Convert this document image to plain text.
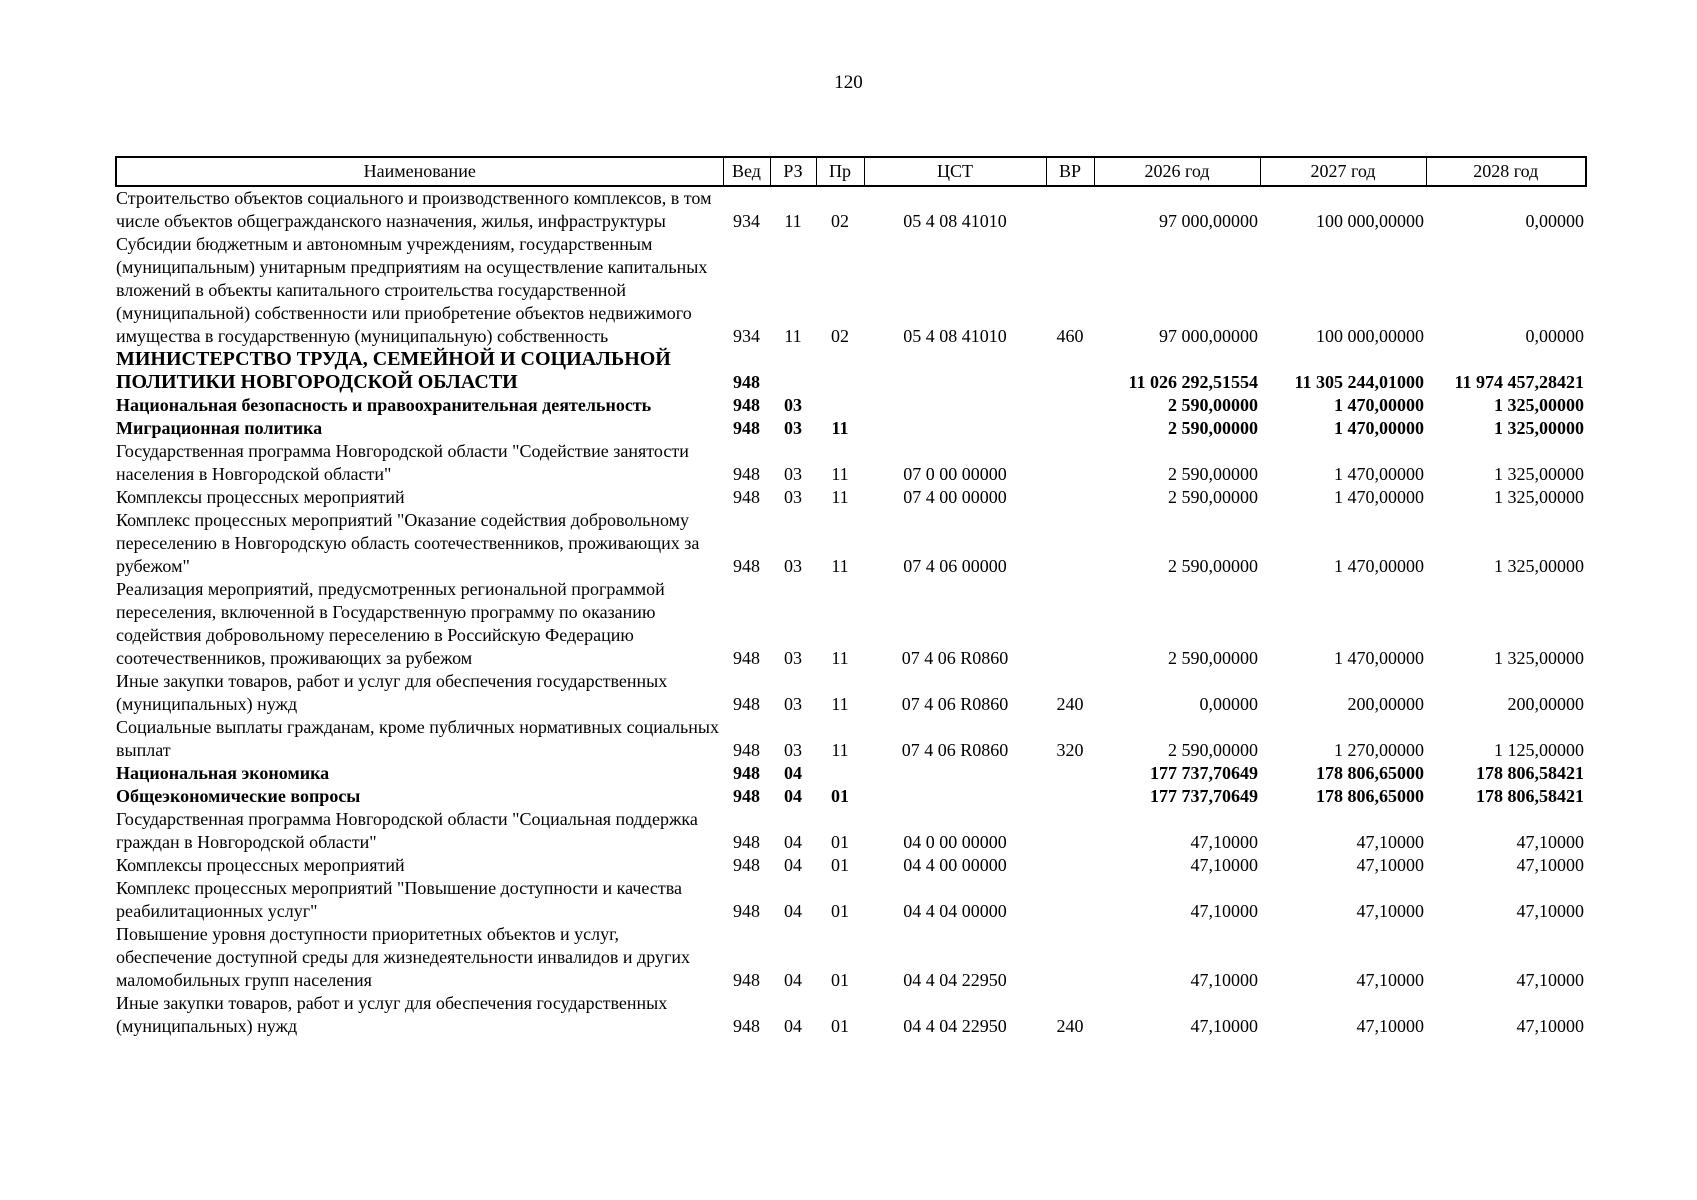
120
Наименование	Вед	РЗ	Пр	ЦСТ	ВР	2026 год	2027 год	2028 год
Строительство объектов социального и производственного комплексов, в том числе объектов общегражданского назначения, жилья, инфраструктуры	934	11	02	05 4 08 41010		97 000,00000	100 000,00000	0,00000
Субсидии бюджетным и автономным учреждениям, государственным (муниципальным) унитарным предприятиям на осуществление капитальных вложений в объекты капитального строительства государственной (муниципальной) собственности или приобретение объектов недвижимого имущества в государственную (муниципальную) собственность	934	11	02	05 4 08 41010	460	97 000,00000	100 000,00000	0,00000
МИНИСТЕРСТВО ТРУДА, СЕМЕЙНОЙ И СОЦИАЛЬНОЙ ПОЛИТИКИ НОВГОРОДСКОЙ ОБЛАСТИ	948					11 026 292,51554	11 305 244,01000	11 974 457,28421
Национальная безопасность и правоохранительная деятельность	948	03				2 590,00000	1 470,00000	1 325,00000
Миграционная политика	948	03	11			2 590,00000	1 470,00000	1 325,00000
Государственная программа Новгородской области "Содействие занятости населения в Новгородской области"	948	03	11	07 0 00 00000		2 590,00000	1 470,00000	1 325,00000
Комплексы процессных мероприятий	948	03	11	07 4 00 00000		2 590,00000	1 470,00000	1 325,00000
Комплекс процессных мероприятий "Оказание содействия добровольному переселению в Новгородскую область соотечественников, проживающих за рубежом"	948	03	11	07 4 06 00000		2 590,00000	1 470,00000	1 325,00000
Реализация мероприятий, предусмотренных региональной программой переселения, включенной в Государственную программу по оказанию содействия добровольному переселению в Российскую Федерацию соотечественников, проживающих за рубежом	948	03	11	07 4 06 R0860		2 590,00000	1 470,00000	1 325,00000
Иные закупки товаров, работ и услуг для обеспечения государственных (муниципальных) нужд	948	03	11	07 4 06 R0860	240	0,00000	200,00000	200,00000
Социальные выплаты гражданам, кроме публичных нормативных социальных выплат	948	03	11	07 4 06 R0860	320	2 590,00000	1 270,00000	1 125,00000
Национальная экономика	948	04				177 737,70649	178 806,65000	178 806,58421
Общеэкономические вопросы	948	04	01			177 737,70649	178 806,65000	178 806,58421
Государственная программа Новгородской области "Социальная поддержка граждан в Новгородской области"	948	04	01	04 0 00 00000		47,10000	47,10000	47,10000
Комплексы процессных мероприятий	948	04	01	04 4 00 00000		47,10000	47,10000	47,10000
Комплекс процессных мероприятий "Повышение доступности и качества реабилитационных услуг"	948	04	01	04 4 04 00000		47,10000	47,10000	47,10000
Повышение уровня доступности приоритетных объектов и услуг, обеспечение доступной среды для жизнедеятельности инвалидов и других маломобильных групп населения	948	04	01	04 4 04 22950		47,10000	47,10000	47,10000
Иные закупки товаров, работ и услуг для обеспечения государственных (муниципальных) нужд	948	04	01	04 4 04 22950	240	47,10000	47,10000	47,10000
